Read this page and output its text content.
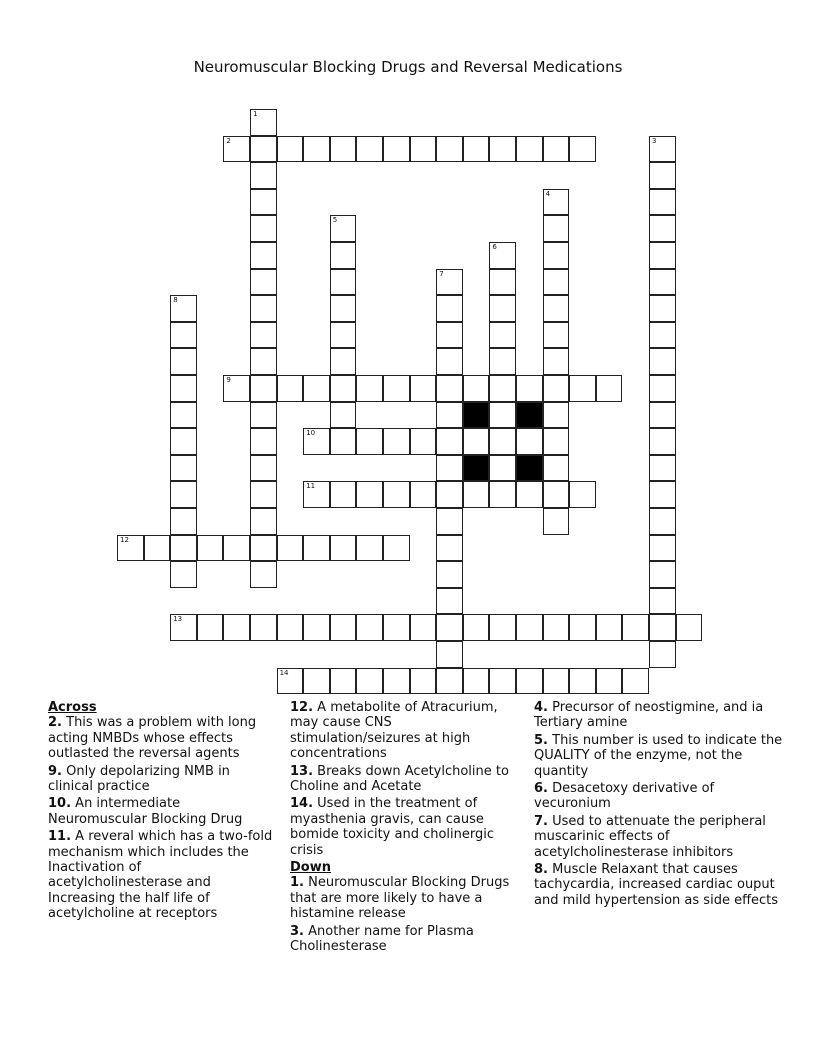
Neuromuscular Blocking Drugs and Reversal Medications
1
2	3
4
5
6
7
8
9
10
11
12
13
14
Across
2. This was a problem with long acting NMBDs whose effects outlasted the reversal agents
9. Only depolarizing NMB in clinical practice
10. An intermediate Neuromuscular Blocking Drug
11. A reveral which has a two-fold mechanism which includes the Inactivation of acetylcholinesterase and Increasing the half life of acetylcholine at receptors
12. A metabolite of Atracurium, may cause CNS stimulation/seizures at high concentrations
13. Breaks down Acetylcholine to Choline and Acetate
14. Used in the treatment of myasthenia gravis, can cause bomide toxicity and cholinergic crisis
Down
1. Neuromuscular Blocking Drugs that are more likely to have a histamine release
3. Another name for Plasma Cholinesterase
4. Precursor of neostigmine, and ia Tertiary amine
5. This number is used to indicate the QUALITY of the enzyme, not the quantity
6. Desacetoxy derivative of vecuronium
7. Used to attenuate the peripheral muscarinic effects of acetylcholinesterase inhibitors
8. Muscle Relaxant that causes tachycardia, increased cardiac ouput and mild hypertension as side effects
